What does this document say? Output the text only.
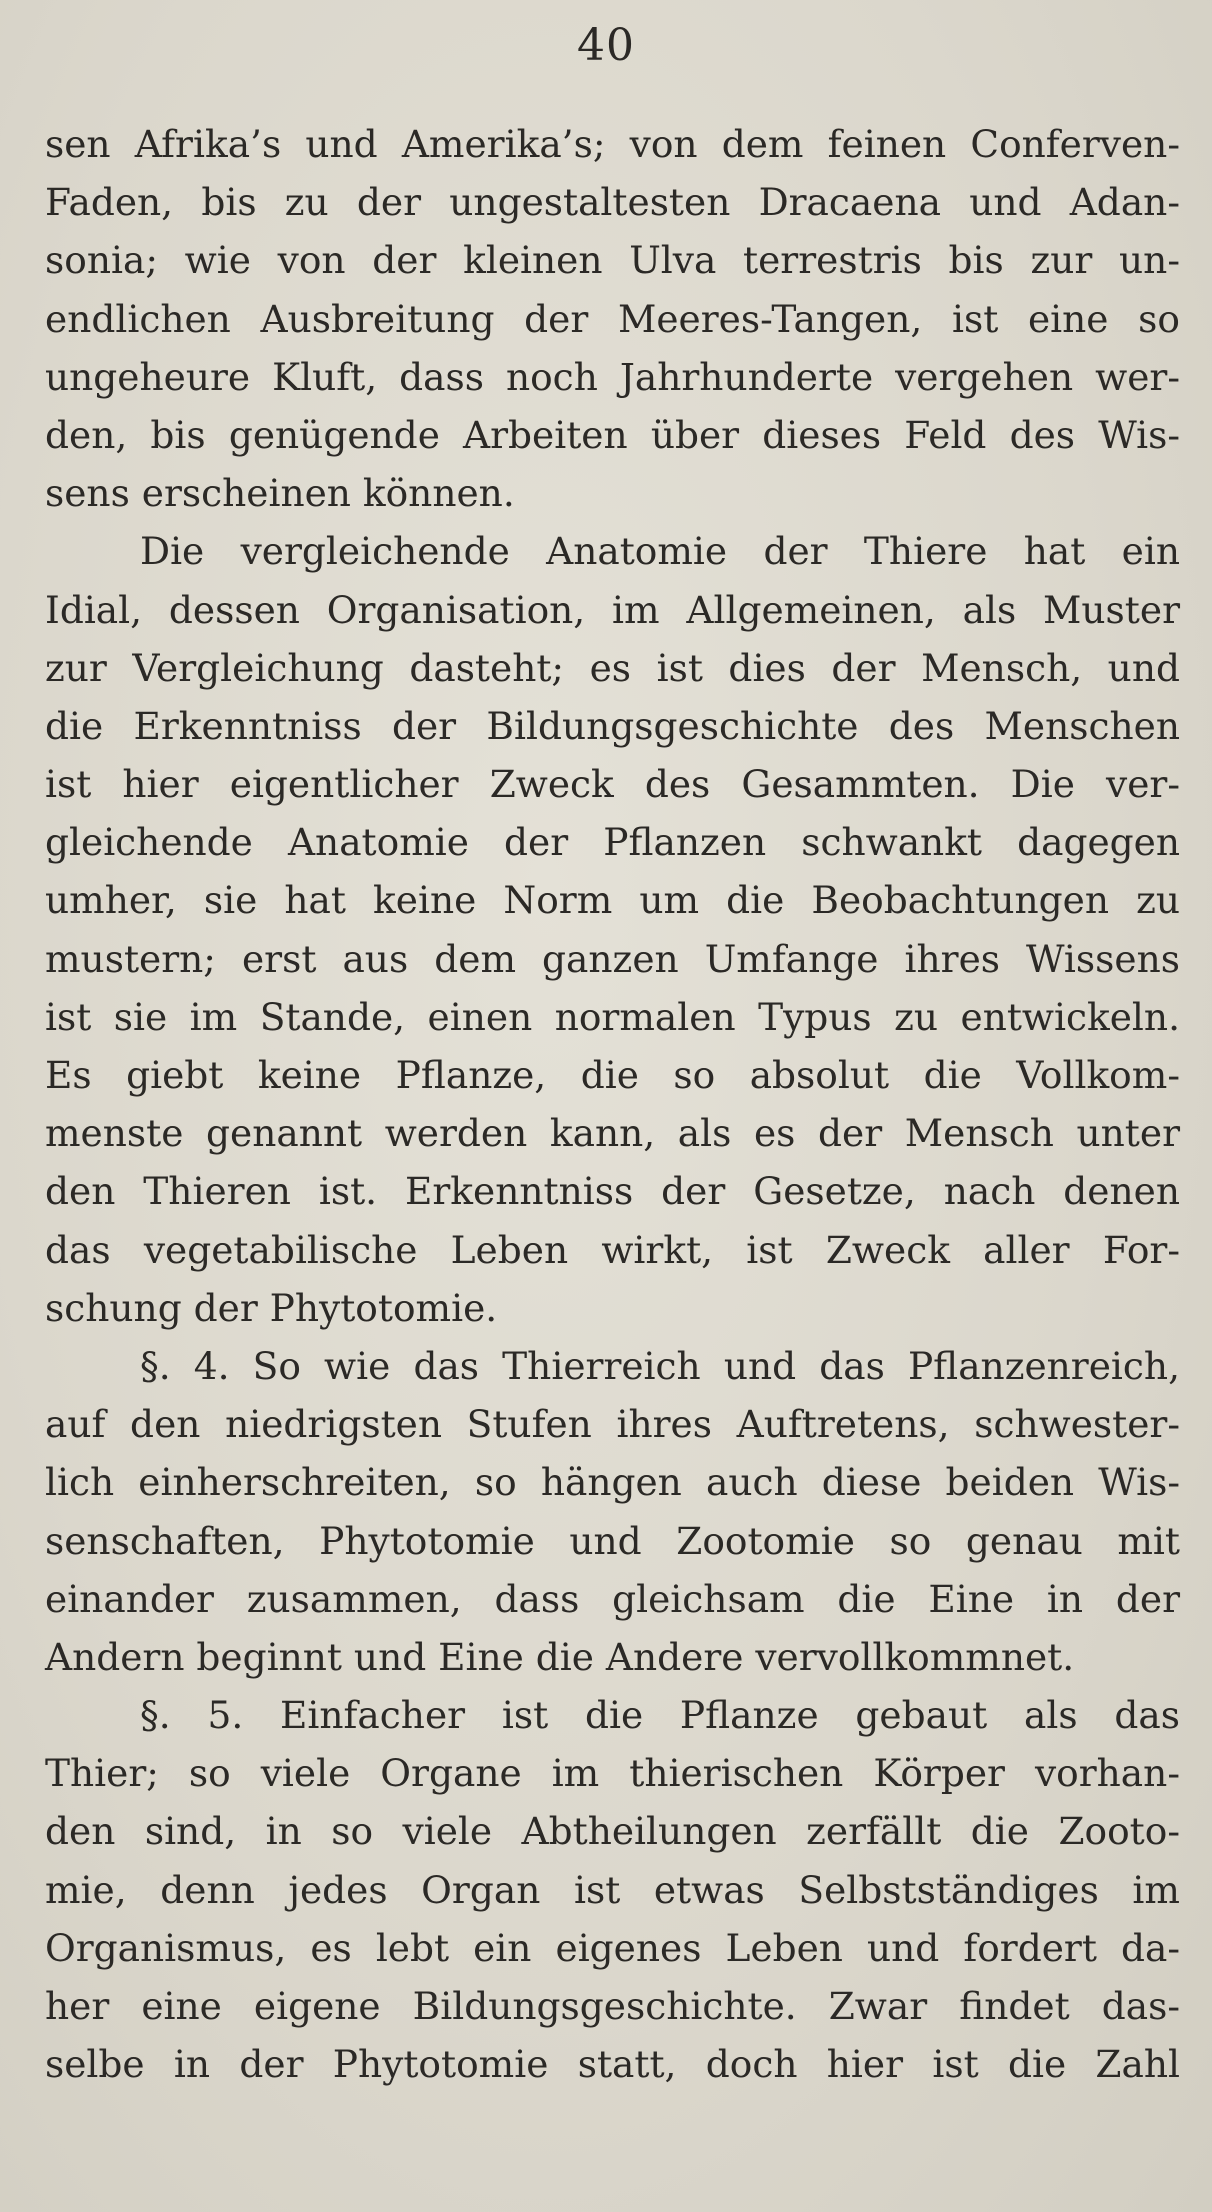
40
sen Afrika’s und Amerika’s; von dem feinen Conferven-
Faden, bis zu der ungestaltesten Dracaena und Adan-
sonia; wie von der kleinen Ulva terrestris bis zur un-
endlichen Ausbreitung der Meeres-Tangen, ist eine so
ungeheure Kluft, dass noch Jahrhunderte vergehen wer-
den, bis genügende Arbeiten über dieses Feld des Wis-
sens erscheinen können.
Die vergleichende Anatomie der Thiere hat ein
Idial, dessen Organisation, im Allgemeinen, als Muster
zur Vergleichung dasteht; es ist dies der Mensch, und
die Erkenntniss der Bildungsgeschichte des Menschen
ist hier eigentlicher Zweck des Gesammten. Die ver-
gleichende Anatomie der Pflanzen schwankt dagegen
umher, sie hat keine Norm um die Beobachtungen zu
mustern; erst aus dem ganzen Umfange ihres Wissens
ist sie im Stande, einen normalen Typus zu entwickeln.
Es giebt keine Pflanze, die so absolut die Vollkom-
menste genannt werden kann, als es der Mensch unter
den Thieren ist. Erkenntniss der Gesetze, nach denen
das vegetabilische Leben wirkt, ist Zweck aller For-
schung der Phytotomie.
§. 4. So wie das Thierreich und das Pflanzenreich,
auf den niedrigsten Stufen ihres Auftretens, schwester-
lich einherschreiten, so hängen auch diese beiden Wis-
senschaften, Phytotomie und Zootomie so genau mit
einander zusammen, dass gleichsam die Eine in der
Andern beginnt und Eine die Andere vervollkommnet.
§. 5. Einfacher ist die Pflanze gebaut als das
Thier; so viele Organe im thierischen Körper vorhan-
den sind, in so viele Abtheilungen zerfällt die Zooto-
mie, denn jedes Organ ist etwas Selbstständiges im
Organismus, es lebt ein eigenes Leben und fordert da-
her eine eigene Bildungsgeschichte. Zwar findet das-
selbe in der Phytotomie statt, doch hier ist die Zahl
